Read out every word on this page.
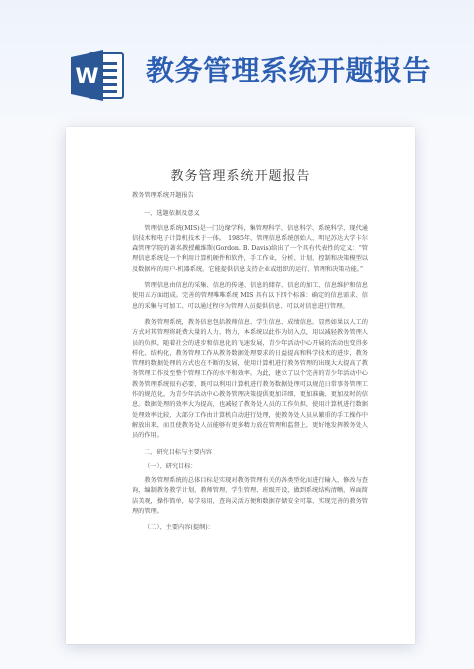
W 教务管理系统开题报告
教务管理系统开题报告

教务管理系统开题报告

一、选题依据及意义

管理信息系统(MIS)是一门边缘学科，集管理科学、信息科学、系统科学、现代通信技术和电子计算机技术于一体。　1985年，管理信息系统创始人、明尼苏达大学卡尔森管理学院的著名教授戴维斯(Gordon. B. Davis)给出了一个具有代表性的定义：“管理信息系统是一个利用计算机硬件和软件，手工作业，分析、计划、控制和决策模型以及数据库的用户-机器系统。它能提供信息支持企业或组织的运行、管理和决策功能。”

管理信息由信息的采集、信息的传递、信息的储存、信息的加工、信息维护和信息使用五方面组成。完善的管理唯唯系统 MIS 具有以下四个标准：确定的信息需求、信息的采集与可加工、可以通过程序为管理人员提供信息、可以对信息进行管理。

教务管理系统，教务信息包括教师信息、学生信息、成绩信息。显然如果以人工的方式对其管理将耗费大量的人力、物力，本系统以此作为切入点，用以减轻教务管理人员的负担，随着社会的进步和信息化的飞速发展，青少年活动中心开展的活动也变得多样化、结构化，教务管理工作从教务数据处理要求的日益提高和科学技术的进步，教务管理的数据处理的方式也在不断的发展，使用计算机进行教务管理的出现大大提高了教务管理工作及至整个管理工作的水平和效率。为此，建立了以个完善的青少年活动中心教务管理系统很有必要，既可以利用计算机进行教务数据处理可以规范日常事务管理工作的规范化，为青少年活动中心教务管理决策提供更加详细、更加准确、更加及时的信息。数据处理的效率大为提高，也减轻了教务处人员的工作负担，使用计算机进行数据处理效率比较，大部分工作由计算机自动进行处理，使教务处人员从繁重的手工操作中解放出来，而且使教务处人员能够有更多精力放在管理和监督上，更好地发挥教务处人员的作用。

二、研究目标与主要内容

（一）、研究目标：

教务管理系统的总体目标是实现对教务管理有关的各类型化而进行输入、修改与查询，编制教务教学计划、教师管理、学生管理、班级开设，做到系统结构清晰，界面简洁美观，操作简单，易学易用，查询灵活方便和数据存储安全可靠，实现完善的教务管理的管理。

（二）、主要内容(提纲)：
